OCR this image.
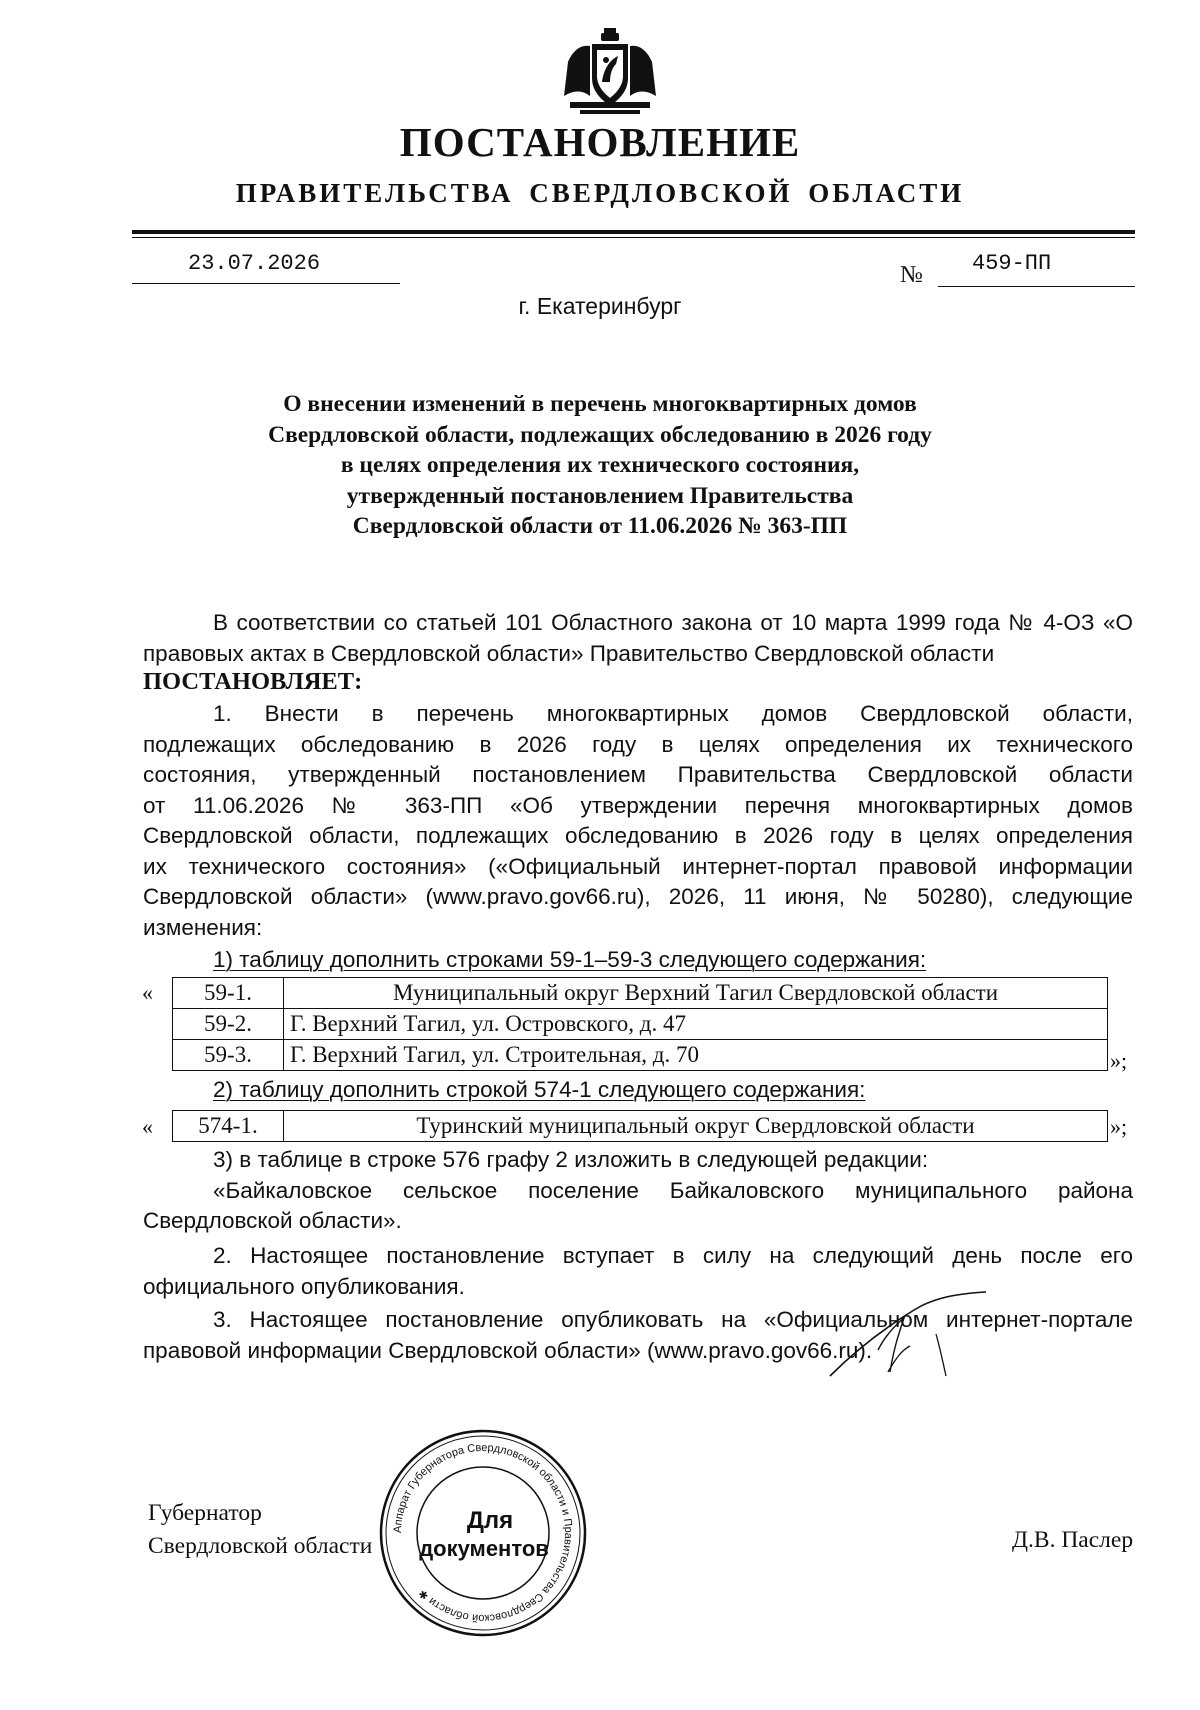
ПОСТАНОВЛЕНИЕ
ПРАВИТЕЛЬСТВА СВЕРДЛОВСКОЙ ОБЛАСТИ
23.07.2026	№ 459-ПП
г. Екатеринбург
О внесении изменений в перечень многоквартирных домов
Свердловской области, подлежащих обследованию в 2026 году
в целях определения их технического состояния,
утвержденный постановлением Правительства
Свердловской области от 11.06.2026 № 363-ПП
В соответствии со статьей 101 Областного закона от 10 марта 1999 года № 4-ОЗ «О правовых актах в Свердловской области» Правительство Свердловской области
ПОСТАНОВЛЯЕТ:
1. Внести в перечень многоквартирных домов Свердловской области,
подлежащих обследованию в 2026 году в целях определения их технического
состояния, утвержденный постановлением Правительства Свердловской области
от 11.06.2026 № 363-ПП «Об утверждении перечня многоквартирных домов
Свердловской области, подлежащих обследованию в 2026 году в целях определения
их технического состояния» («Официальный интернет-портал правовой информации
Свердловской области» (www.pravo.gov66.ru), 2026, 11 июня, № 50280), следующие
изменения:
1) таблицу дополнить строками 59-1–59-3 следующего содержания:
« 59-1.	Муниципальный округ Верхний Тагил Свердловской области
59-2.	Г. Верхний Тагил, ул. Островского, д. 47
59-3.	Г. Верхний Тагил, ул. Строительная, д. 70	»;
2) таблицу дополнить строкой 574-1 следующего содержания:
« 574-1.	Туринский муниципальный округ Свердловской области	»;
3) в таблице в строке 576 графу 2 изложить в следующей редакции:
«Байкаловское сельское поселение Байкаловского муниципального района Свердловской области».
2. Настоящее постановление вступает в силу на следующий день после его официального опубликования.
3. Настоящее постановление опубликовать на «Официальном интернет-портале правовой информации Свердловской области» (www.pravo.gov66.ru).
Губернатор
Свердловской области	Д.В. Паслер
Аппарат Губернатора Свердловской области и Правительства Свердловской области ✱
Для
документов
